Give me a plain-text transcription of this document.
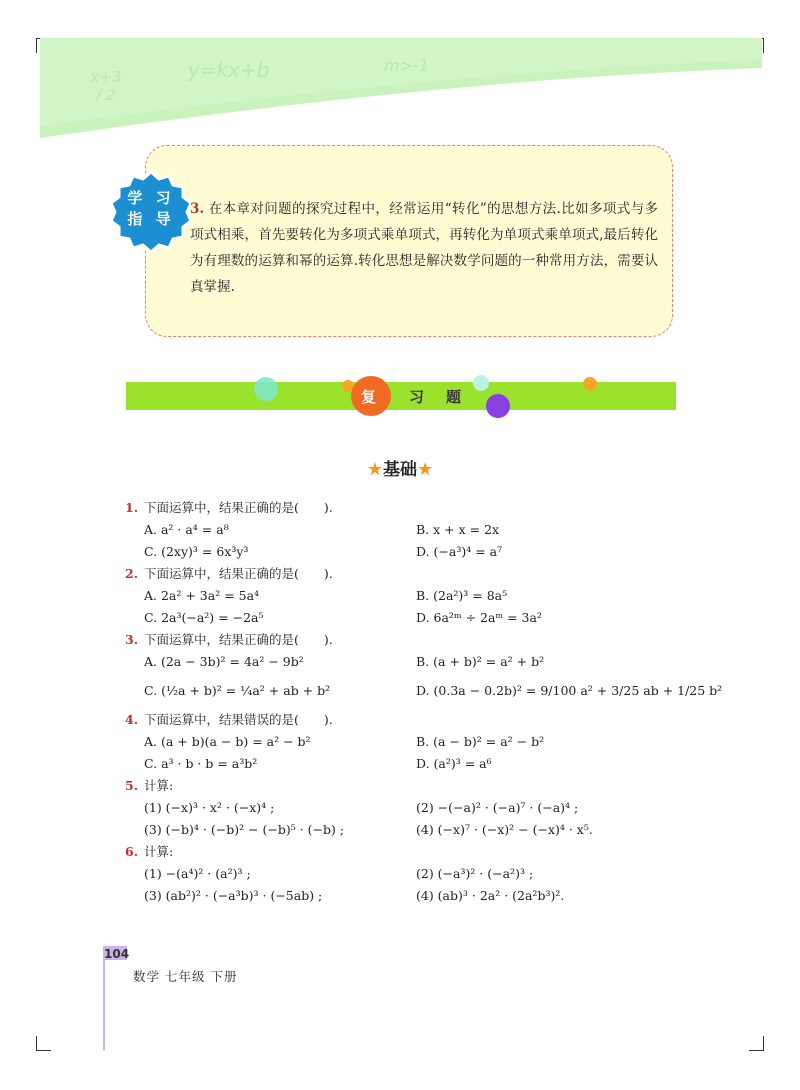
x+3 / 2
y=kx+b	m>-1
学 习
指 导
3. 在本章对问题的探究过程中，经常运用“转化”的思想方法.比如多项式与多项式相乘，首先要转化为多项式乘单项式，再转化为单项式乘单项式,最后转化为有理数的运算和幂的运算.转化思想是解决数学问题的一种常用方法，需要认真掌握.
复 习 题
★基础★
1. 下面运算中，结果正确的是(　　).
A. a² · a⁴ = a⁸	B. x + x = 2x
C. (2xy)³ = 6x³y³	D. (−a³)⁴ = a⁷
2. 下面运算中，结果正确的是(　　).
A. 2a² + 3a² = 5a⁴	B. (2a²)³ = 8a⁵
C. 2a³(−a²) = −2a⁵	D. 6a²ᵐ ÷ 2aᵐ = 3a²
3. 下面运算中，结果正确的是(　　).
A. (2a − 3b)² = 4a² − 9b²	B. (a + b)² = a² + b²
C. (½a + b)² = ¼a² + ab + b²	D. (0.3a − 0.2b)² = 9/100 a² + 3/25 ab + 1/25 b²
4. 下面运算中，结果错误的是(　　).
A. (a + b)(a − b) = a² − b²	B. (a − b)² = a² − b²
C. a³ · b · b = a³b²	D. (a²)³ = a⁶
5. 计算:
(1) (−x)³ · x² · (−x)⁴ ;	(2) −(−a)² · (−a)⁷ · (−a)⁴ ;
(3) (−b)⁴ · (−b)² − (−b)⁵ · (−b) ;	(4) (−x)⁷ · (−x)² − (−x)⁴ · x⁵.
6. 计算:
(1) −(a⁴)² · (a²)³ ;	(2) (−a³)² · (−a²)³ ;
(3) (ab²)² · (−a³b)³ · (−5ab) ;	(4) (ab)³ · 2a² · (2a²b³)².
104
数学 七年级 下册
